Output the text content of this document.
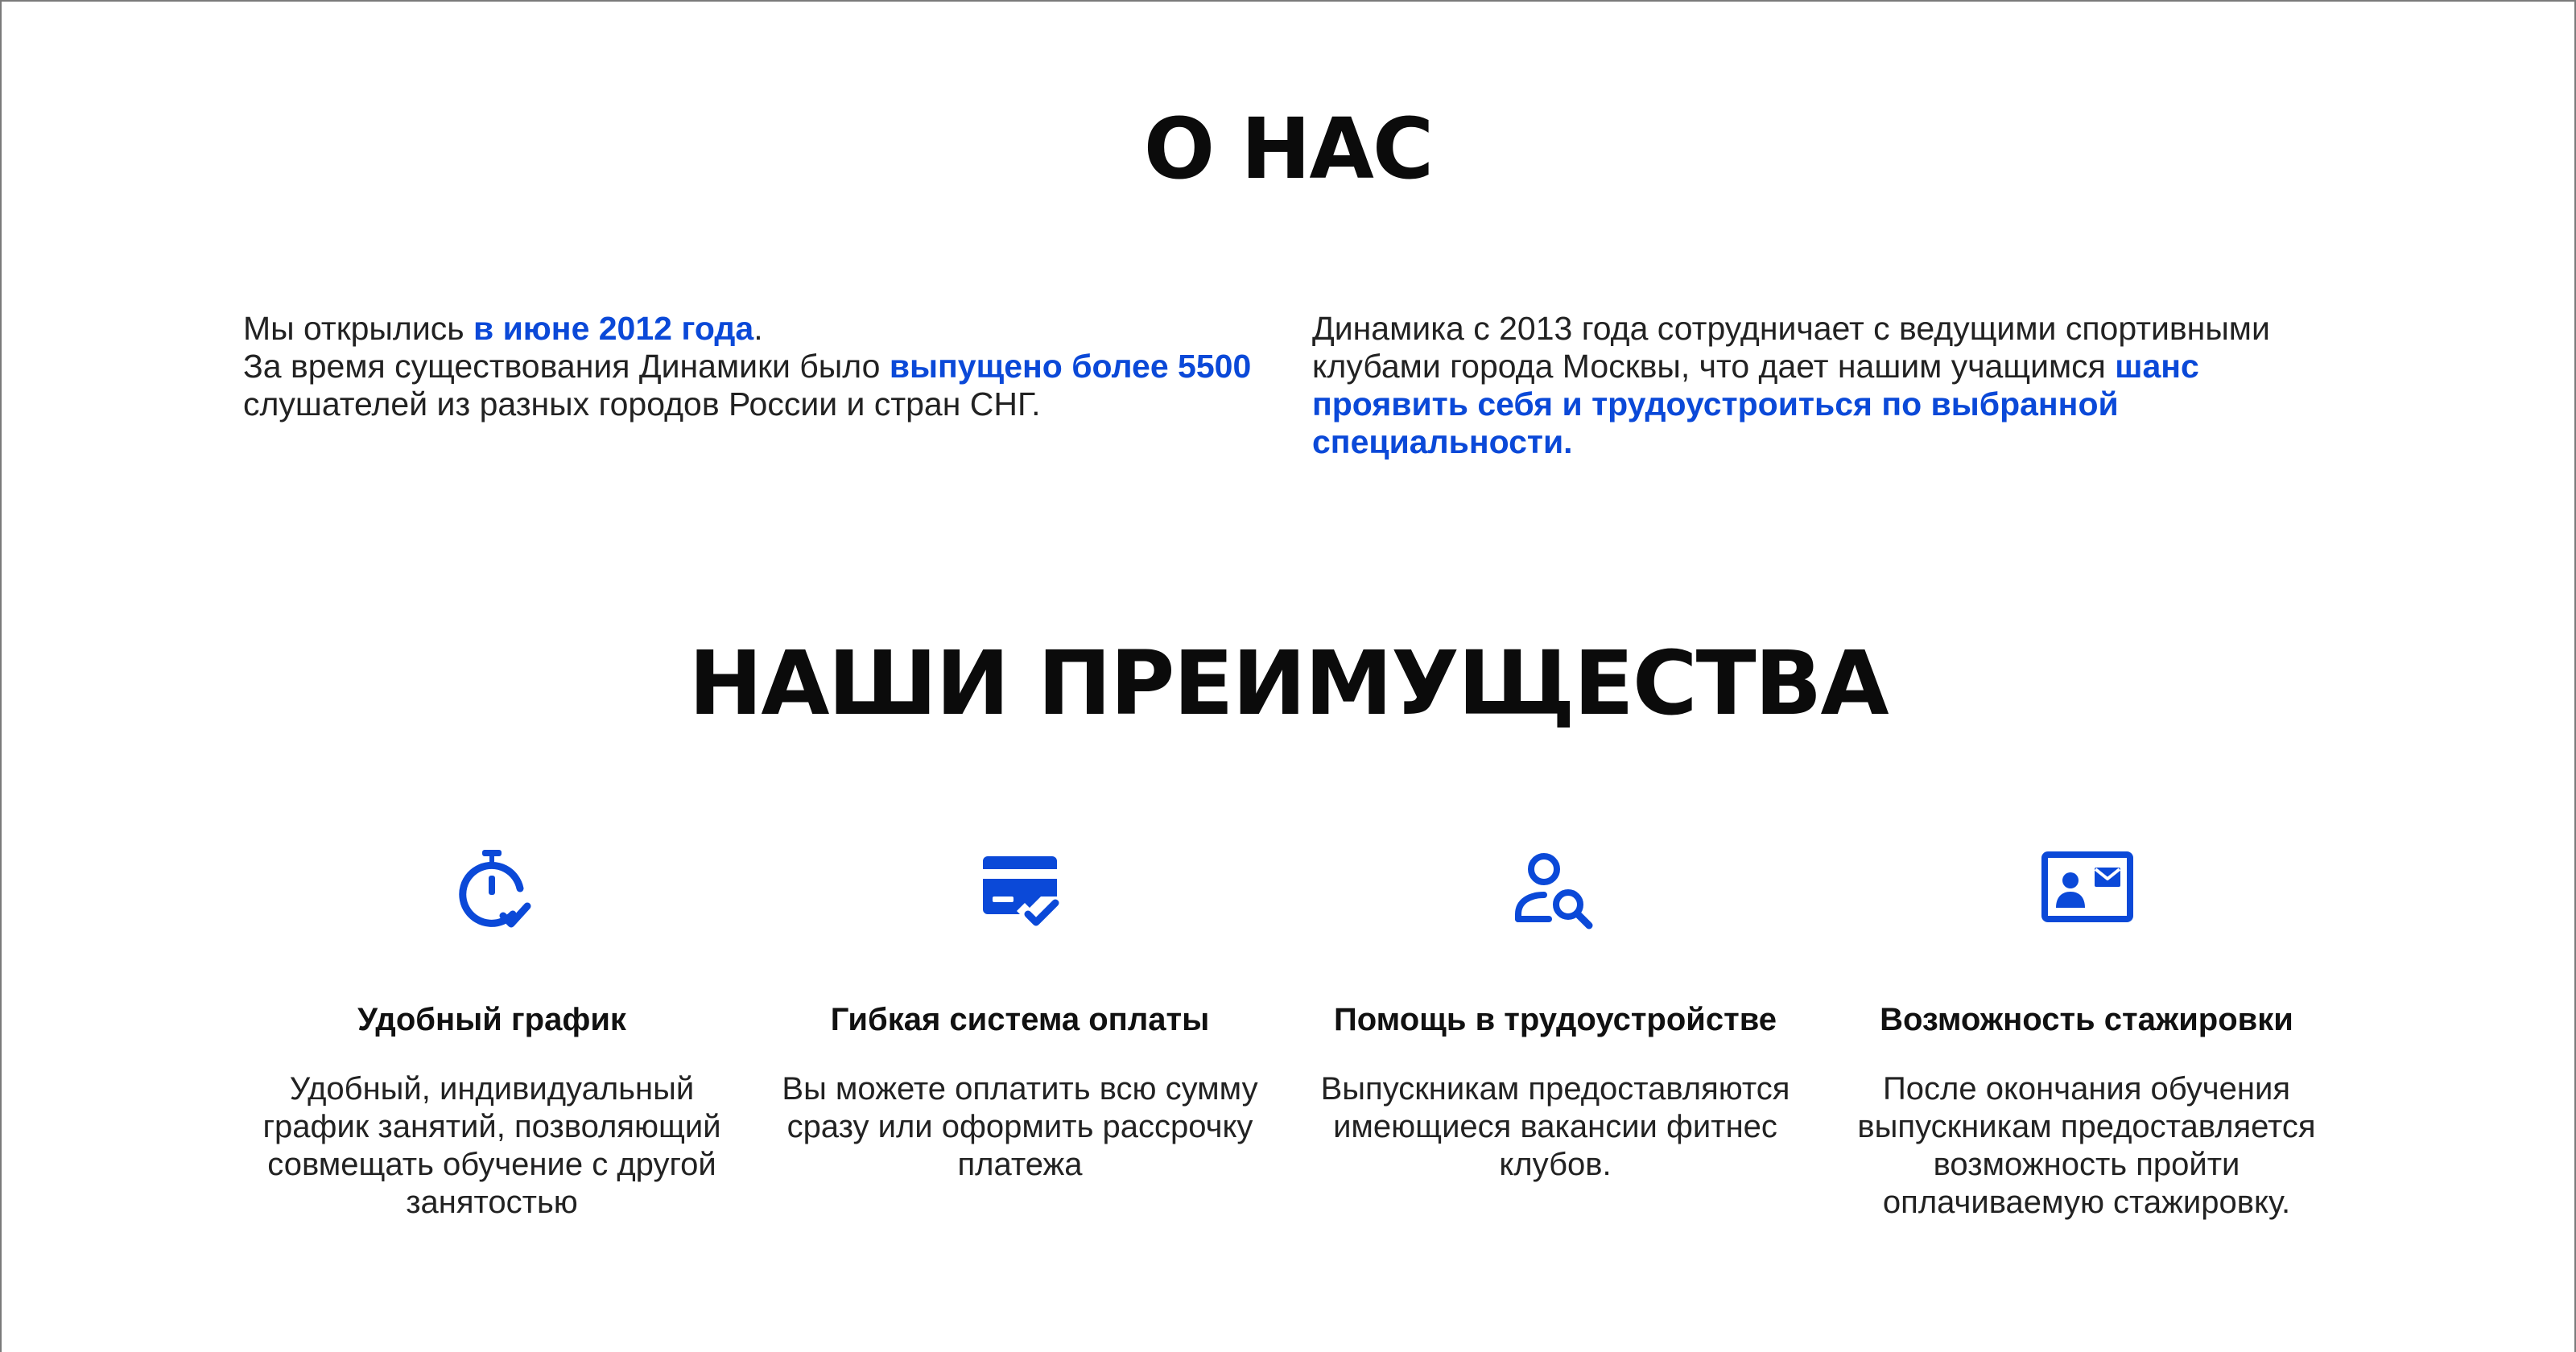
О НАС

Мы открылись в июне 2012 года.

За время существования Динамики было выпущено более 5500 слушателей из разных городов России и стран СНГ.

Динамика с 2013 года сотрудничает с ведущими спортивными клубами города Москвы, что дает нашим учащимся шанс проявить себя и трудоустроиться по выбранной специальности.

НАШИ ПРЕИМУЩЕСТВА
Удобный график
Удобный, индивидуальный график занятий, позволяющий совмещать обучение с другой занятостью
Гибкая система оплаты
Вы можете оплатить всю сумму сразу или оформить рассрочку платежа
Помощь в трудоустройстве
Выпускникам предоставляются имеющиеся вакансии фитнес клубов.
Возможность стажировки
После окончания обучения выпускникам предоставляется возможность пройти оплачиваемую стажировку.
